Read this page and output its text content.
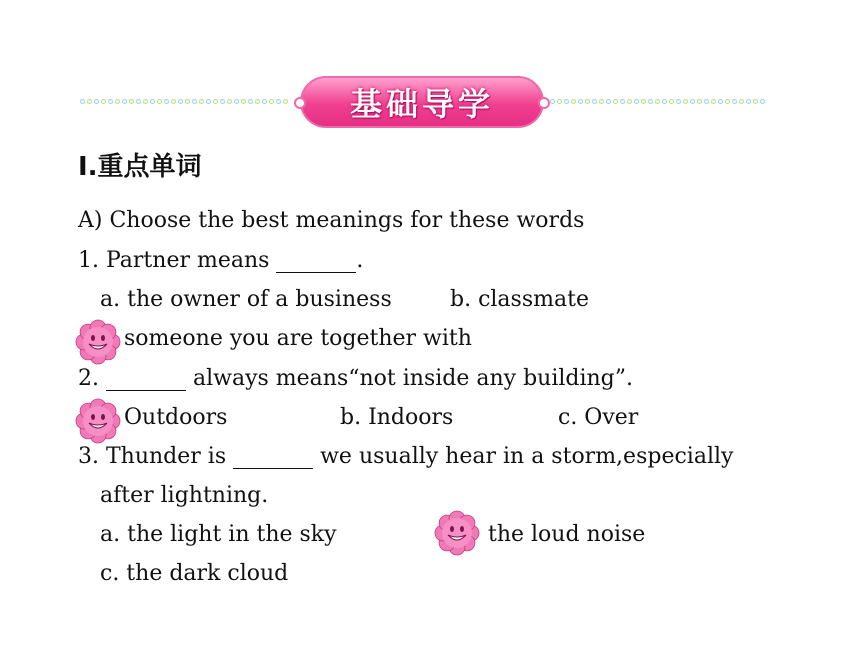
基础导学
Ⅰ.重点单词
A) Choose the best meanings for these words
1. Partner means	.
a. the owner of a business	b. classmate
someone you are together with
2.	always means“not inside any building”.
Outdoors	b. Indoors	c. Over
3. Thunder is	we usually hear in a storm,especially
after lightning.
a. the light in the sky	the loud noise
c. the dark cloud
